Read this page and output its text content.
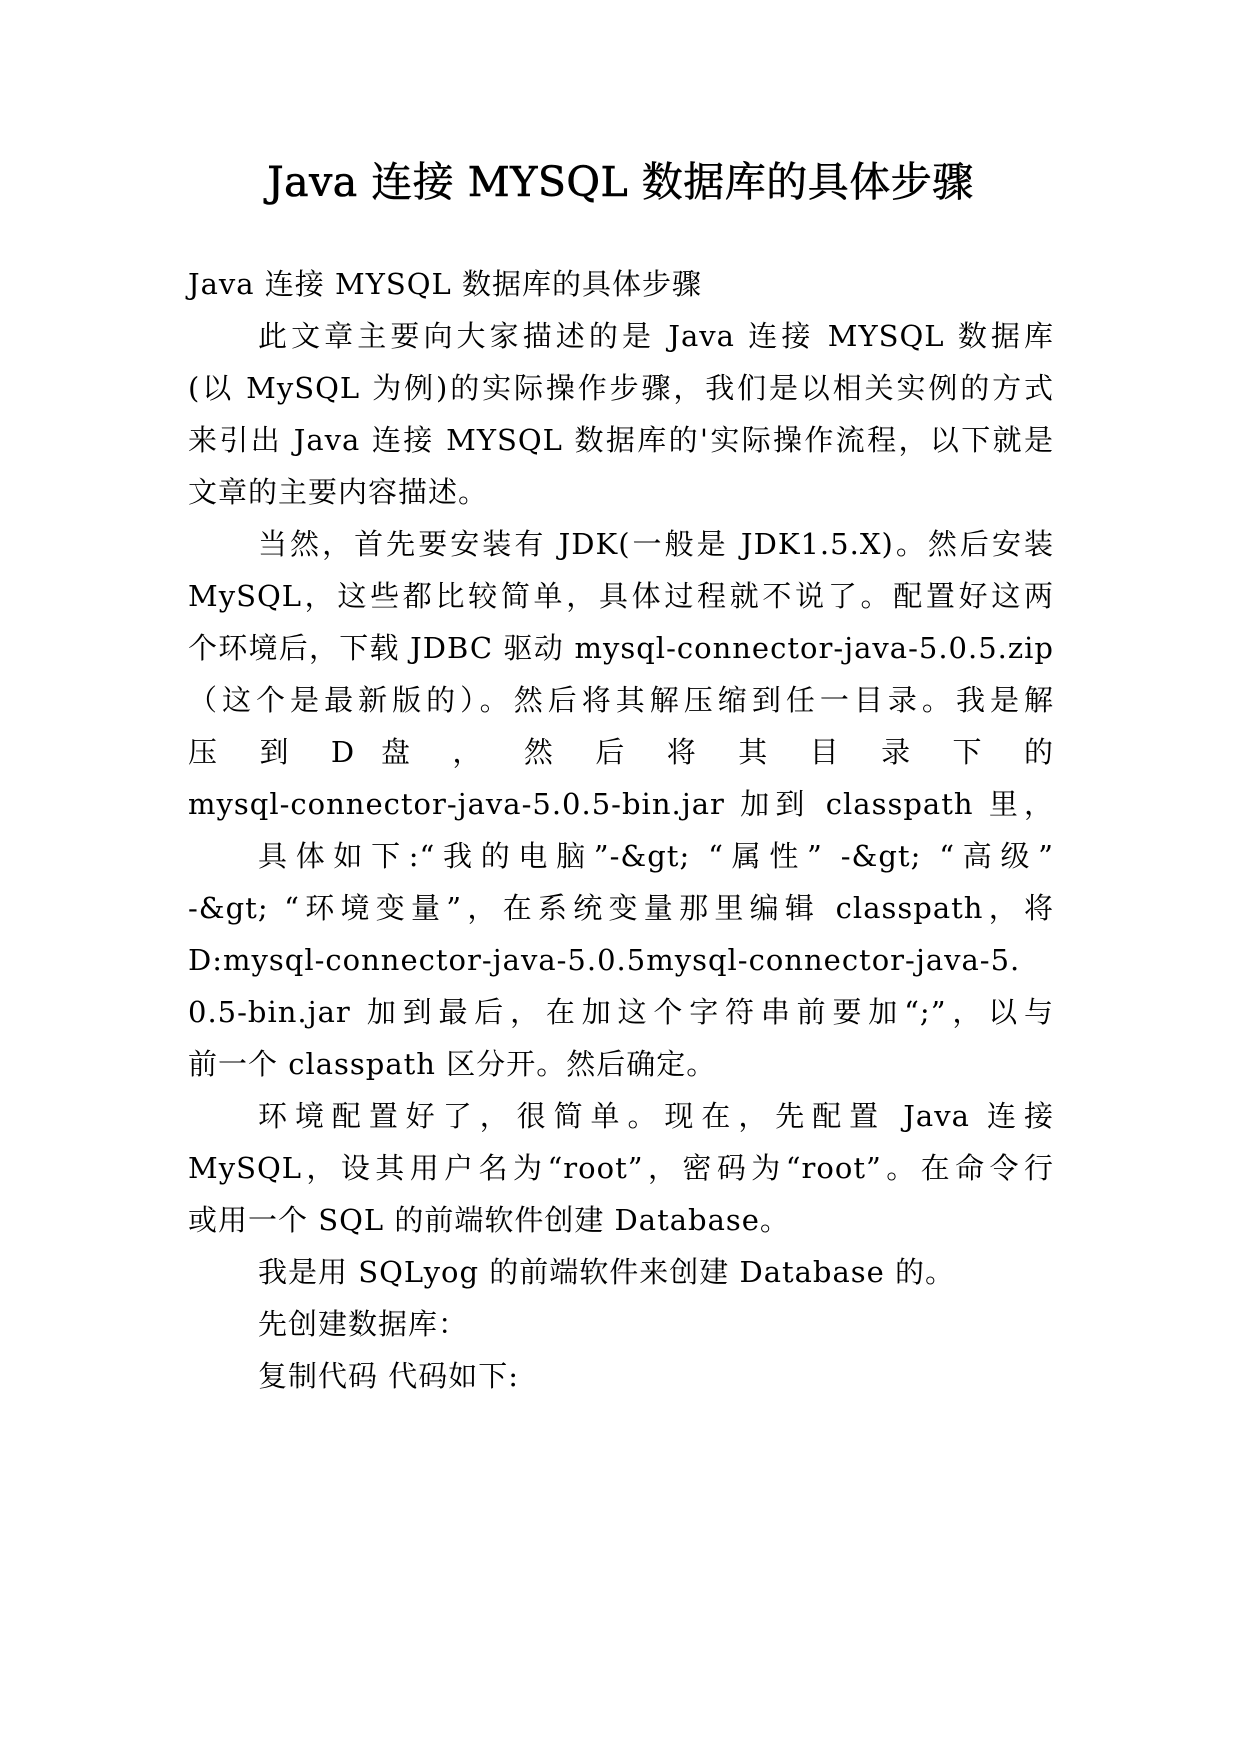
Java 连接 MYSQL 数据库的具体步骤

Java 连接 MYSQL 数据库的具体步骤

此文章主要向大家描述的是 Java 连接 MYSQL 数据库

(以 MySQL 为例)的实际操作步骤，我们是以相关实例的方式

来引出 Java 连接 MYSQL 数据库的'实际操作流程，以下就是

文章的主要内容描述。

当然，首先要安装有 JDK(一般是 JDK1.5.X)。然后安装

MySQL，这些都比较简单，具体过程就不说了。配置好这两

个环境后，下载 JDBC 驱动 mysql-connector-java-5.0.5.zip

（这个是最新版的）。然后将其解压缩到任一目录。我是解

压 到 D 盘 ， 然 后 将 其 目 录 下 的

mysql-connector-java-5.0.5-bin.jar 加到 classpath 里，

具体如下:“我的电脑”-&gt; “属性” -&gt; “高级”

-&gt; “环境变量”，在系统变量那里编辑 classpath，将

D:mysql-connector-java-5.0.5mysql-connector-java-5.

0.5-bin.jar 加到最后，在加这个字符串前要加“;”，以与

前一个 classpath 区分开。然后确定。

环境配置好了，很简单。现在，先配置 Java 连接

MySQL，设其用户名为“root”，密码为“root”。在命令行

或用一个 SQL 的前端软件创建 Database。

我是用 SQLyog 的前端软件来创建 Database 的。

先创建数据库：

复制代码 代码如下:
